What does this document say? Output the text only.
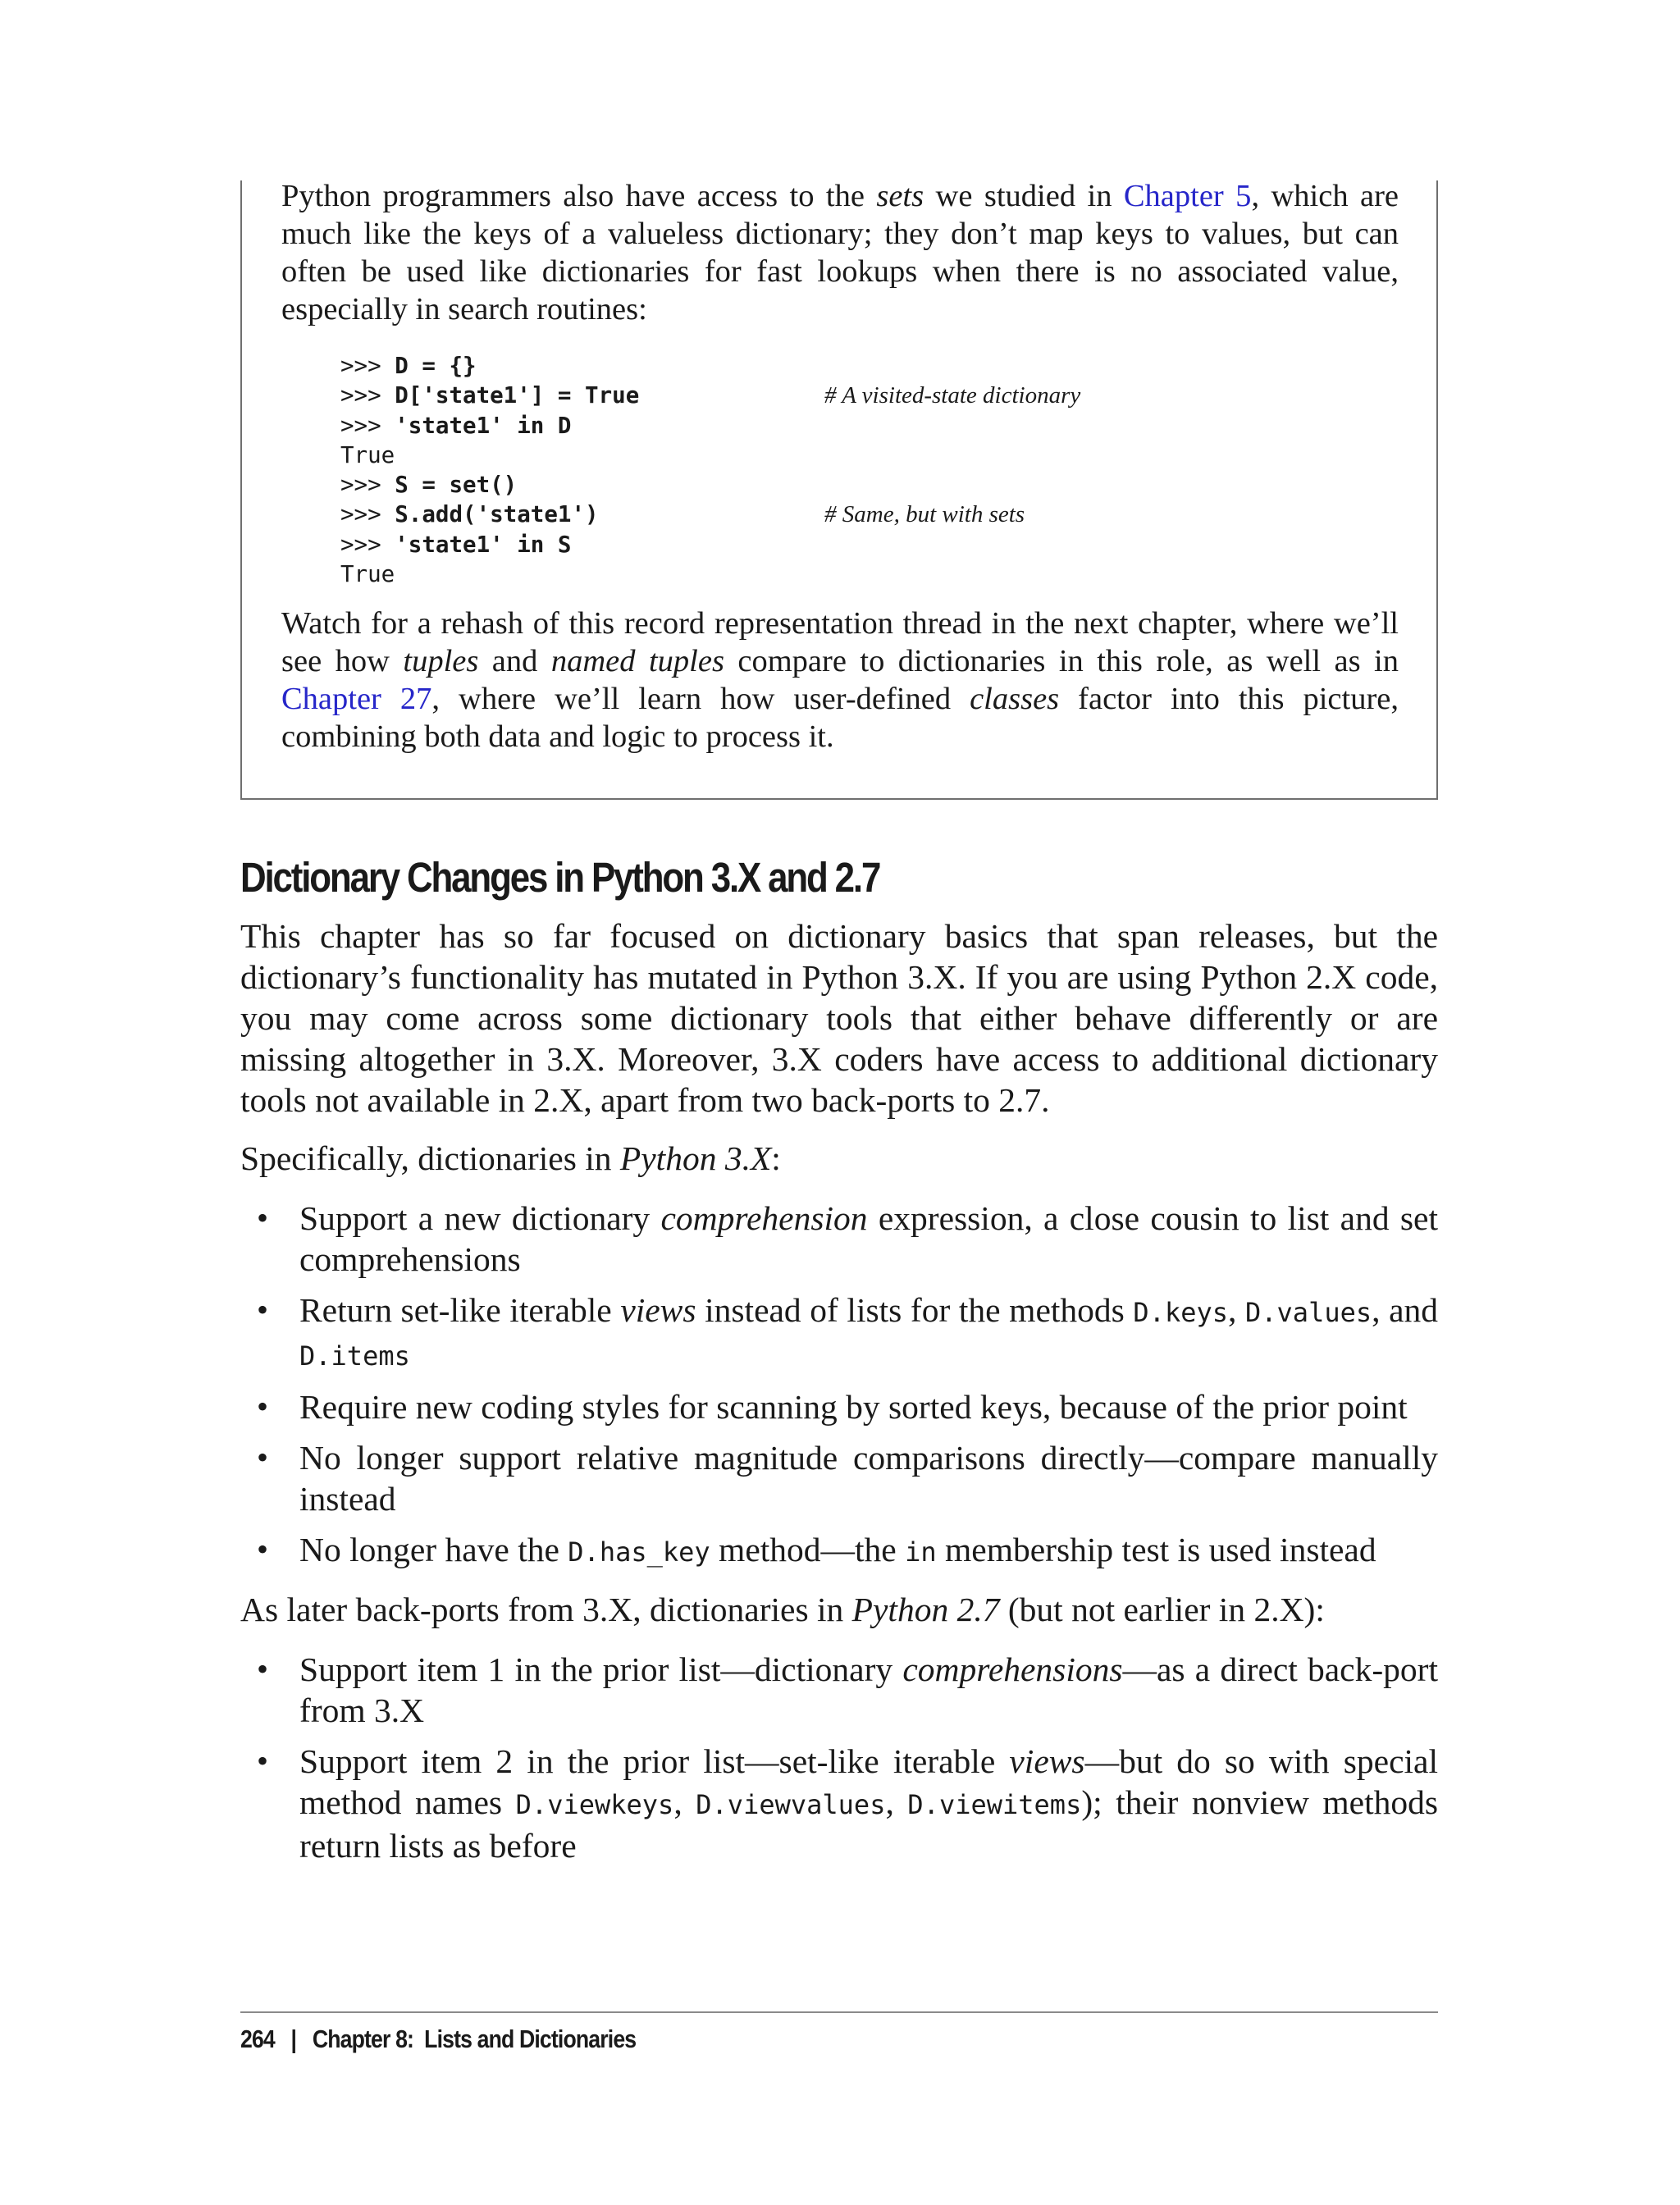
Python programmers also have access to the sets we studied in Chapter 5, which are much like the keys of a valueless dictionary; they don’t map keys to values, but can often be used like dictionaries for fast lookups when there is no associated value, especially in search routines:

>>> D = {}
>>> D['state1'] = True	# A visited-state dictionary
>>> 'state1' in D
True
>>> S = set()
>>> S.add('state1')	# Same, but with sets
>>> 'state1' in S
True

Watch for a rehash of this record representation thread in the next chapter, where we’ll see how tuples and named tuples compare to dictionaries in this role, as well as in Chapter 27, where we’ll learn how user-defined classes factor into this picture, combining both data and logic to process it.

Dictionary Changes in Python 3.X and 2.7

This chapter has so far focused on dictionary basics that span releases, but the dictionary’s functionality has mutated in Python 3.X. If you are using Python 2.X code, you may come across some dictionary tools that either behave differently or are missing altogether in 3.X. Moreover, 3.X coders have access to additional dictionary tools not available in 2.X, apart from two back-ports to 2.7.

Specifically, dictionaries in Python 3.X:

• Support a new dictionary comprehension expression, a close cousin to list and set comprehensions
• Return set-like iterable views instead of lists for the methods D.keys, D.values, and D.items
• Require new coding styles for scanning by sorted keys, because of the prior point
• No longer support relative magnitude comparisons directly—compare manually instead
• No longer have the D.has_key method—the in membership test is used instead

As later back-ports from 3.X, dictionaries in Python 2.7 (but not earlier in 2.X):

• Support item 1 in the prior list—dictionary comprehensions—as a direct back-port from 3.X
• Support item 2 in the prior list—set-like iterable views—but do so with special method names D.viewkeys, D.viewvalues, D.viewitems); their nonview methods return lists as before

264 | Chapter 8:  Lists and Dictionaries
